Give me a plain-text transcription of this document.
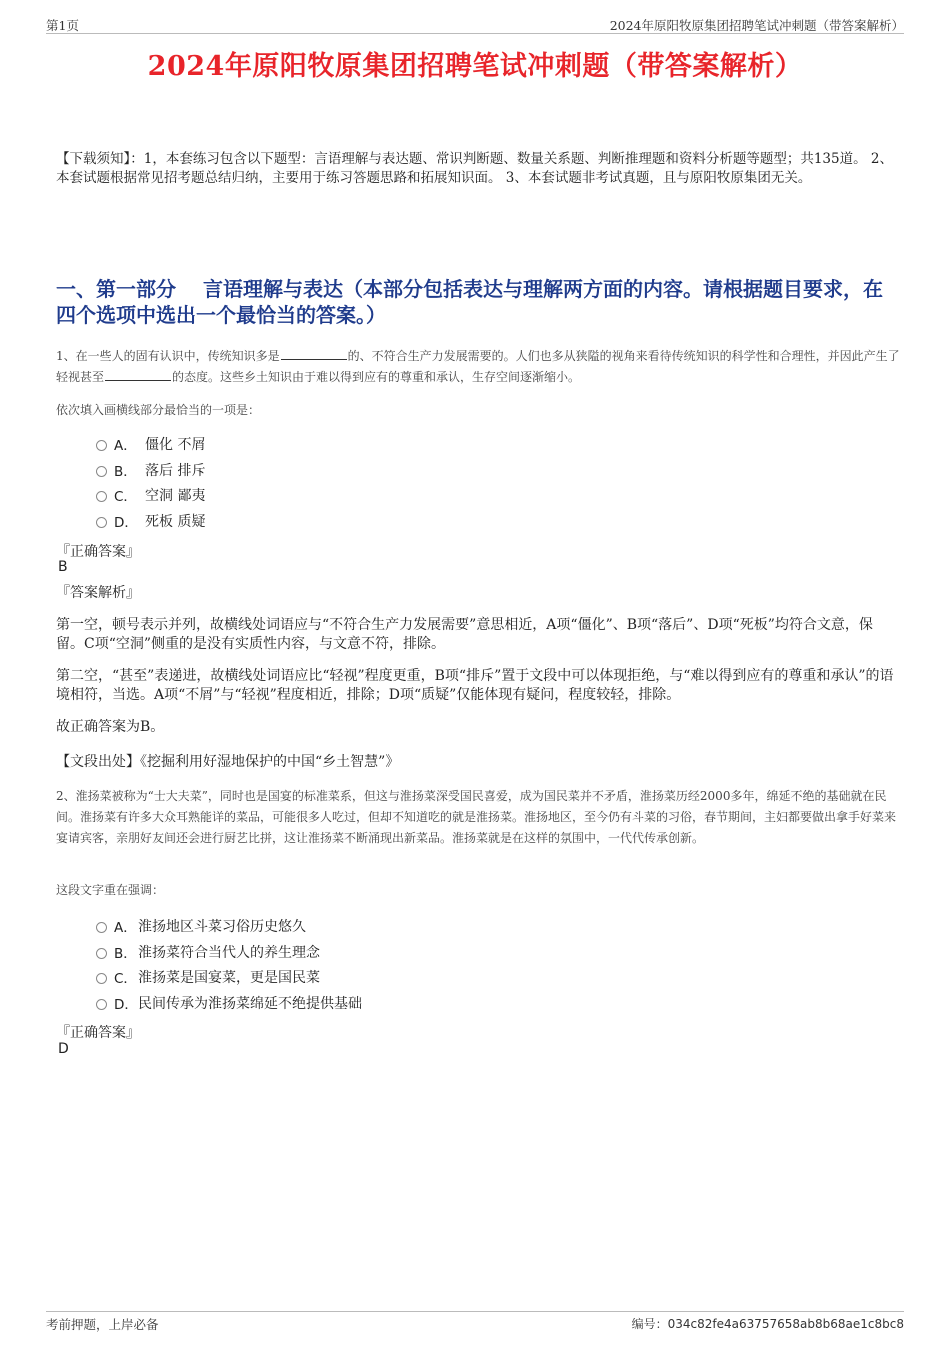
第1页	2024年原阳牧原集团招聘笔试冲刺题（带答案解析）
2024年原阳牧原集团招聘笔试冲刺题（带答案解析）

【下载须知】：1，本套练习包含以下题型：言语理解与表达题、常识判断题、数量关系题、判断推理题和资料分析题等题型；共135道。 2、本套试题根据常见招考题总结归纳，主要用于练习答题思路和拓展知识面。 3、本套试题非考试真题，且与原阳牧原集团无关。

一、第一部分　 言语理解与表达（本部分包括表达与理解两方面的内容。请根据题目要求，在四个选项中选出一个最恰当的答案。）

1、在一些人的固有认识中，传统知识多是	的、不符合生产力发展需要的。人们也多从狭隘的视角来看待传统知识的科学性和合理性，并因此产生了轻视甚至	的态度。这些乡土知识由于难以得到应有的尊重和承认，生存空间逐渐缩小。

依次填入画横线部分最恰当的一项是：

A． 僵化 不屑
B． 落后 排斥
C． 空洞 鄙夷
D． 死板 质疑
『正确答案』
B
『答案解析』

第一空，顿号表示并列，故横线处词语应与“不符合生产力发展需要”意思相近，A项“僵化”、B项“落后”、D项“死板”均符合文意，保留。C项“空洞”侧重的是没有实质性内容，与文意不符，排除。

第二空，“甚至”表递进，故横线处词语应比“轻视”程度更重，B项“排斥”置于文段中可以体现拒绝，与“难以得到应有的尊重和承认”的语境相符，当选。A项“不屑”与“轻视”程度相近，排除；D项“质疑”仅能体现有疑问，程度较轻，排除。

故正确答案为B。

【文段出处】《挖掘利用好湿地保护的中国“乡土智慧”》

2、淮扬菜被称为“士大夫菜”，同时也是国宴的标准菜系，但这与淮扬菜深受国民喜爱，成为国民菜并不矛盾，淮扬菜历经2000多年，绵延不绝的基础就在民间。淮扬菜有许多大众耳熟能详的菜品，可能很多人吃过，但却不知道吃的就是淮扬菜。淮扬地区，至今仍有斗菜的习俗，春节期间，主妇都要做出拿手好菜来宴请宾客，亲朋好友间还会进行厨艺比拼，这让淮扬菜不断涌现出新菜品。淮扬菜就是在这样的氛围中，一代代传承创新。

这段文字重在强调：

A． 淮扬地区斗菜习俗历史悠久
B． 淮扬菜符合当代人的养生理念
C． 淮扬菜是国宴菜，更是国民菜
D． 民间传承为淮扬菜绵延不绝提供基础
『正确答案』
D
考前押题，上岸必备	编号：034c82fe4a63757658ab8b68ae1c8bc8
